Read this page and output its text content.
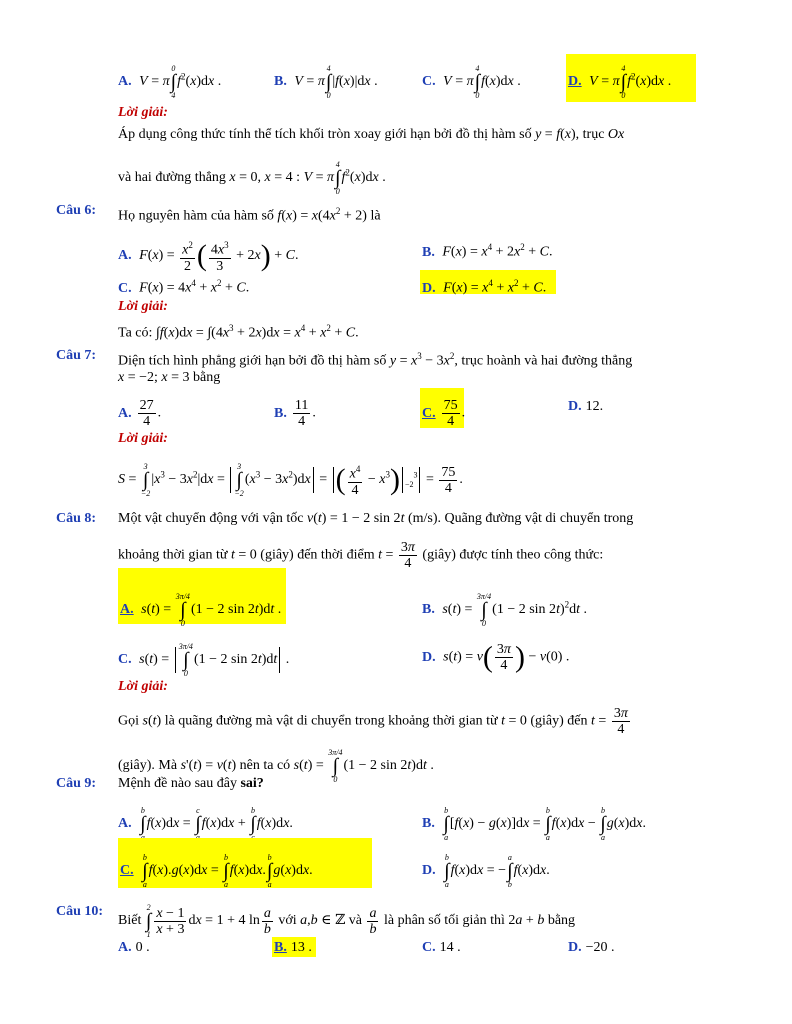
A. V = π
0
∫
4
$f^2(x)dx$ .	B. V = π
4
∫
0
|f(x)|dx .	C. V = π
4
∫
0
f(x)dx .	D. V = π
4
∫
0
$f^2(x)dx$ .
Lời giải:
Áp dụng công thức tính thể tích khối tròn xoay giới hạn bởi đồ thị hàm số y = f(x), trục Ox
và hai đường thẳng x = 0, x = 4 : V = π
4
∫
0
$f^2(x)dx$ .
Câu 6: Họ nguyên hàm của hàm số $f(x) = x(4x^2 + 2)$ là
A. $F(x) = \frac{x^2}{2}$ ( $\frac{4x^3}{3} + 2x) + C$.	B. $F(x) = x^4 + 2x^2 + C$.
C. $F(x) = 4x^4 + x^2 + C$.	D. $F(x) = x^4 + x^2 + C$.
Lời giải:
Ta có: $\int f(x)dx = \int(4x^3 + 2x)dx = x^4 + x^2 + C$.
Câu 7: Diện tích hình phẳng giới hạn bởi đồ thị hàm số $y = x^3 - 3x^2$, trục hoành và hai đường thẳng
x = −2; x = 3 bằng
A. $\frac{27}{4}$ .	B. $\frac{11}{4}$ .	C. $\frac{75}{4}$ .	D. 12.
Lời giải:
S =
3
∫
−2
$|x^3 - 3x^2|dx$ =
3
∫
−2
$(x^3 - 3x^2)dx$ = ( $\frac{x^4}{4} - x^3$) $_{-2}^3 = \frac{75}{4}$ .
Câu 8: Một vật chuyển động với vận tốc v(t) = 1 − 2 sin 2t (m/s). Quãng đường vật di chuyển trong
khoảng thời gian từ t = 0 (giây) đến thời điểm $t = \frac{3\pi}{4}$ (giây) được tính theo công thức:
A. s(t) =
3π/4
∫
0
(1 − 2 sin 2t)dt .	B. s(t) =
3π/4
∫
0
(1 − 2 sin 2t)$^2$dt .
C. s(t) =
3π/4
∫
0
(1 − 2 sin 2t)dt .	D. $s(t) = v( \frac{3\pi}{4}$ ) − v(0) .
Lời giải:
Gọi s(t) là quãng đường mà vật di chuyển trong khoảng thời gian từ t = 0 (giây) đến $t = \frac{3\pi}{4}$
(giây). Mà s'(t) = v(t) nên ta có s(t) =
3π/4
∫
0
(1 − 2 sin 2t)dt .
Câu 9: Mệnh đề nào sau đây sai?
A.
b
∫ f(x)dx =
c
∫ f(x)dx +
b
∫ f(x)dx.	B.
b
∫
a
[f(x) − g(x)]dx =
b
∫
a
f(x)dx −
b
∫
a
g(x)dx.
C.
b
∫
a
f(x).g(x)dx =
b
∫
a
f(x)dx.
b
∫
a
g(x)dx.	D.
b
∫
a
f(x)dx = −
a
∫
b
f(x)dx.
Câu 10:
Biết
2
∫
$1 \frac{x - 1}{x + 3}$ dx = 1 + 4 $\ln \frac{a}{b}$ với a,b ∈ ℤ và $\frac{a}{b}$ là phân số tối giản thì 2a + b bằng
A. 0 .	B. 13 .	C. 14 .	D. −20 .
